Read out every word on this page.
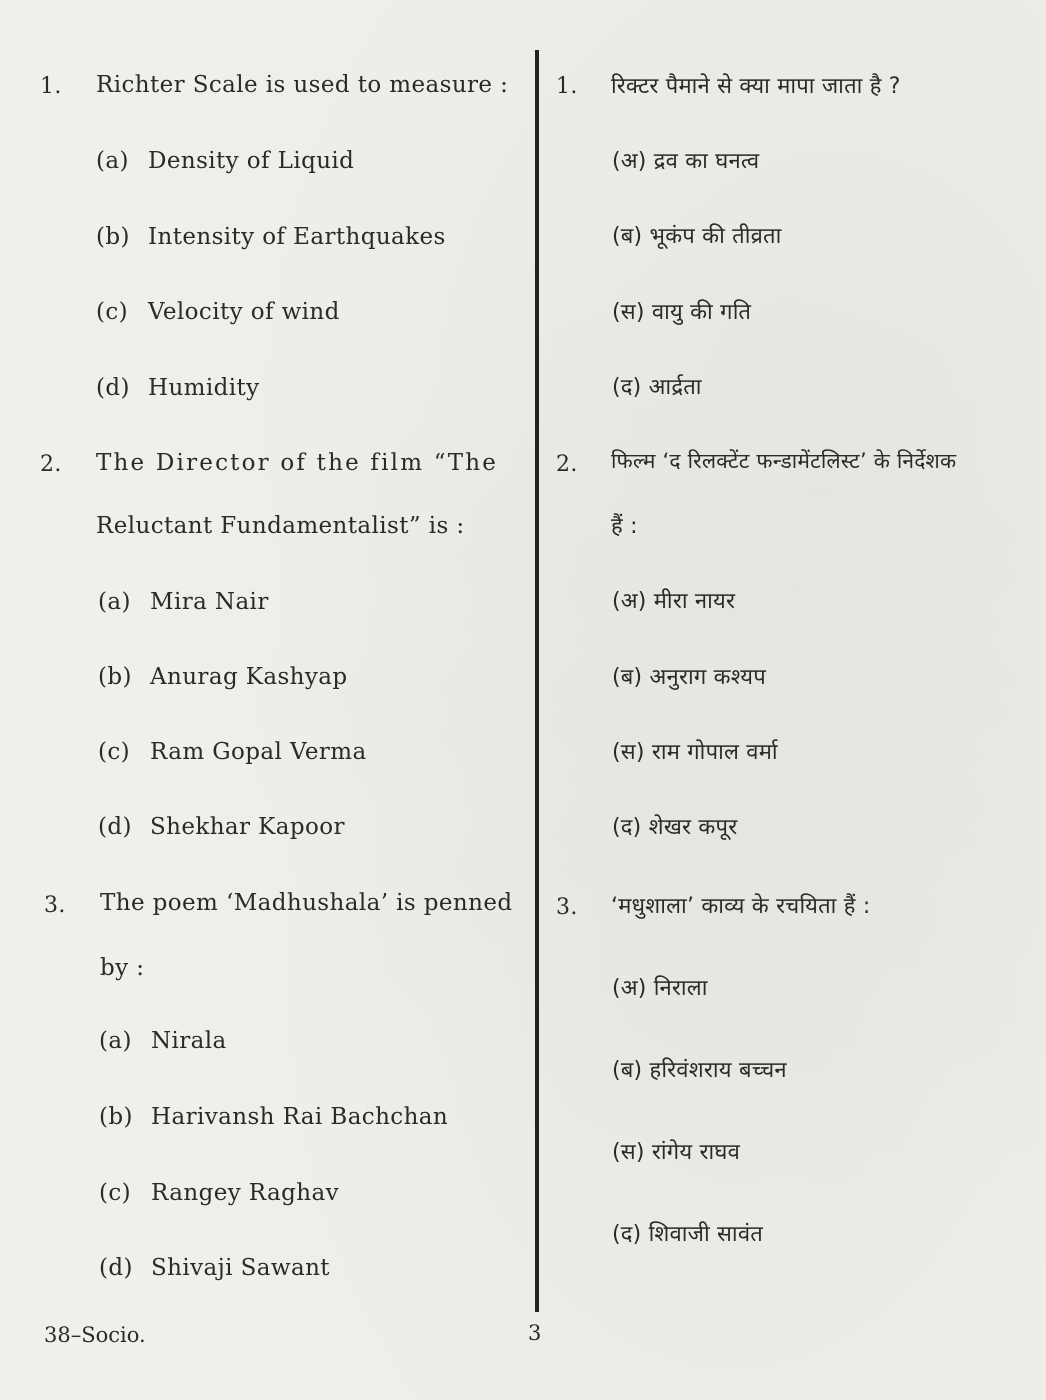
1. Richter Scale is used to measure :
(a) Density of Liquid
(b) Intensity of Earthquakes
(c) Velocity of wind
(d) Humidity
2. The Director of the film “The
Reluctant Fundamentalist” is :
(a) Mira Nair
(b) Anurag Kashyap
(c) Ram Gopal Verma
(d) Shekhar Kapoor
3. The poem ‘Madhushala’ is penned
by :
(a) Nirala
(b) Harivansh Rai Bachchan
(c) Rangey Raghav
(d) Shivaji Sawant
1. रिक्टर पैमाने से क्या मापा जाता है ?
(अ) द्रव का घनत्व
(ब) भूकंप की तीव्रता
(स) वायु की गति
(द) आर्द्रता
2. फिल्म ‘द रिलक्टेंट फन्डामेंटलिस्ट’ के निर्देशक
हैं :
(अ) मीरा नायर
(ब) अनुराग कश्यप
(स) राम गोपाल वर्मा
(द) शेखर कपूर
3. ‘मधुशाला’ काव्य के रचयिता हैं :
(अ) निराला
(ब) हरिवंशराय बच्चन
(स) रांगेय राघव
(द) शिवाजी सावंत
38–Socio.	3
